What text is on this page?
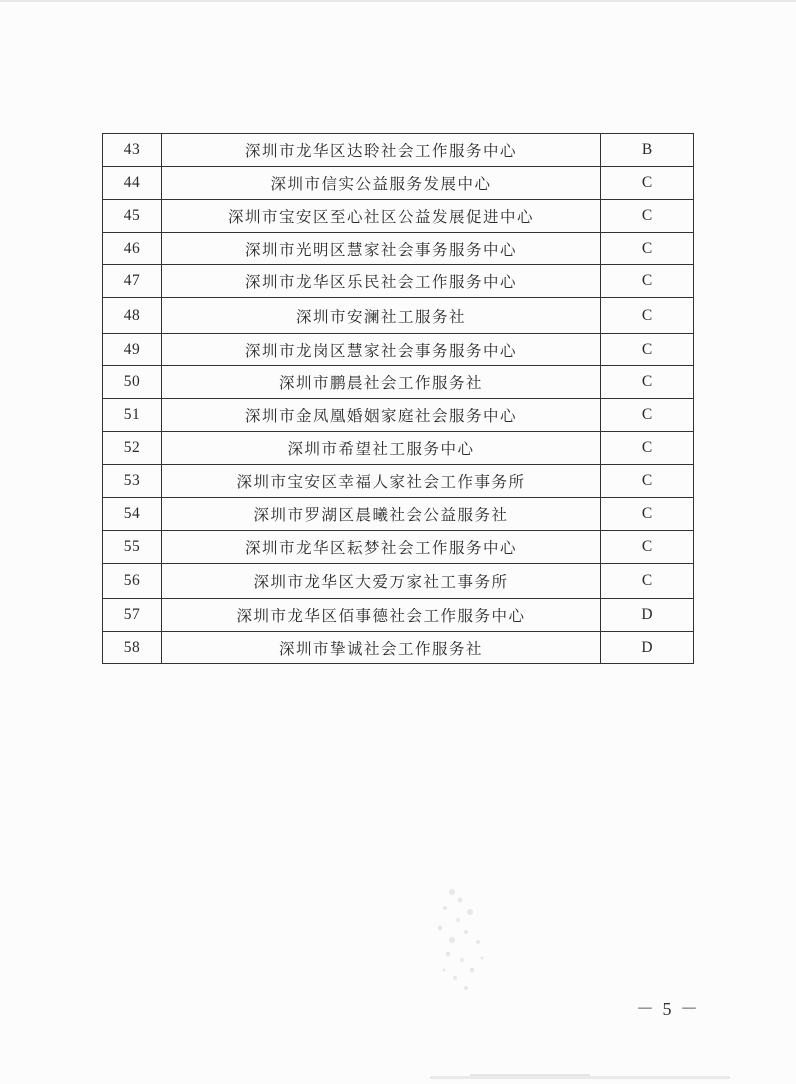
43	深圳市龙华区达聆社会工作服务中心	B
44	深圳市信实公益服务发展中心	C
45	深圳市宝安区至心社区公益发展促进中心	C
46	深圳市光明区慧家社会事务服务中心	C
47	深圳市龙华区乐民社会工作服务中心	C
48	深圳市安澜社工服务社	C
49	深圳市龙岗区慧家社会事务服务中心	C
50	深圳市鹏晨社会工作服务社	C
51	深圳市金凤凰婚姻家庭社会服务中心	C
52	深圳市希望社工服务中心	C
53	深圳市宝安区幸福人家社会工作事务所	C
54	深圳市罗湖区晨曦社会公益服务社	C
55	深圳市龙华区耘梦社会工作服务中心	C
56	深圳市龙华区大爱万家社工事务所	C
57	深圳市龙华区佰事德社会工作服务中心	D
58	深圳市挚诚社会工作服务社	D
－ 5 －
